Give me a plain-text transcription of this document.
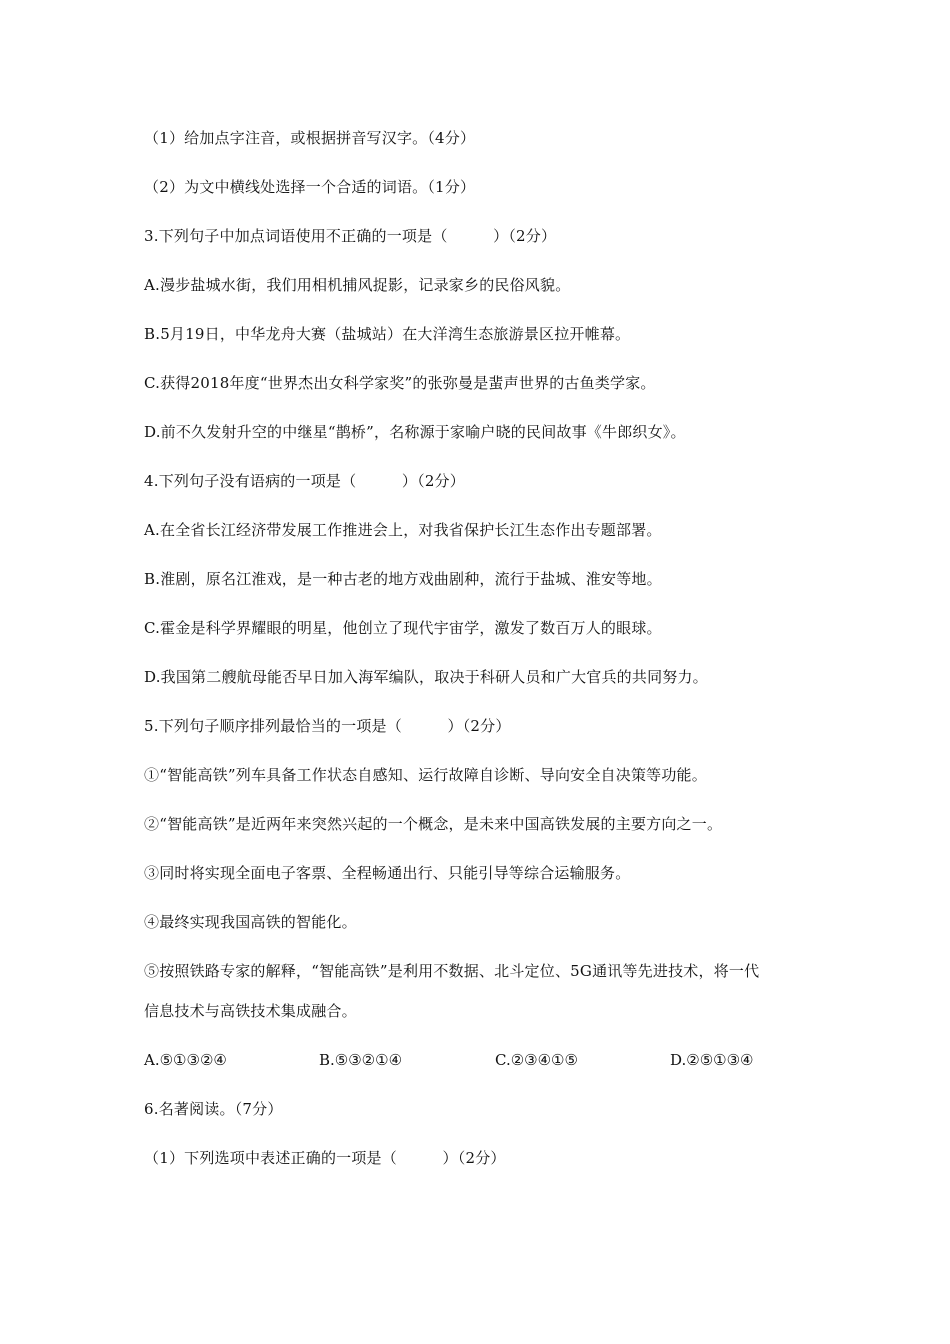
（1）给加点字注音，或根据拼音写汉字。（4分）
（2）为文中横线处选择一个合适的词语。（1分）
3.下列句子中加点词语使用不正确的一项是（　　　）（2分）
A.漫步盐城水街，我们用相机捕风捉影，记录家乡的民俗风貌。
B.5月19日，中华龙舟大赛（盐城站）在大洋湾生态旅游景区拉开帷幕。
C.获得2018年度“世界杰出女科学家奖”的张弥曼是蜚声世界的古鱼类学家。
D.前不久发射升空的中继星“鹊桥”，名称源于家喻户晓的民间故事《牛郎织女》。
4.下列句子没有语病的一项是（　　　）（2分）
A.在全省长江经济带发展工作推进会上，对我省保护长江生态作出专题部署。
B.淮剧，原名江淮戏，是一种古老的地方戏曲剧种，流行于盐城、淮安等地。
C.霍金是科学界耀眼的明星，他创立了现代宇宙学，激发了数百万人的眼球。
D.我国第二艘航母能否早日加入海军编队，取决于科研人员和广大官兵的共同努力。
5.下列句子顺序排列最恰当的一项是（　　　）（2分）
①“智能高铁”列车具备工作状态自感知、运行故障自诊断、导向安全自决策等功能。
②“智能高铁”是近两年来突然兴起的一个概念，是未来中国高铁发展的主要方向之一。
③同时将实现全面电子客票、全程畅通出行、只能引导等综合运输服务。
④最终实现我国高铁的智能化。
⑤按照铁路专家的解释，“智能高铁”是利用不数据、北斗定位、5G通讯等先进技术，将一代
信息技术与高铁技术集成融合。
A.⑤①③②④	B.⑤③②①④	C.②③④①⑤	D.②⑤①③④
6.名著阅读。（7分）
（1）下列选项中表述正确的一项是（　　　）（2分）
